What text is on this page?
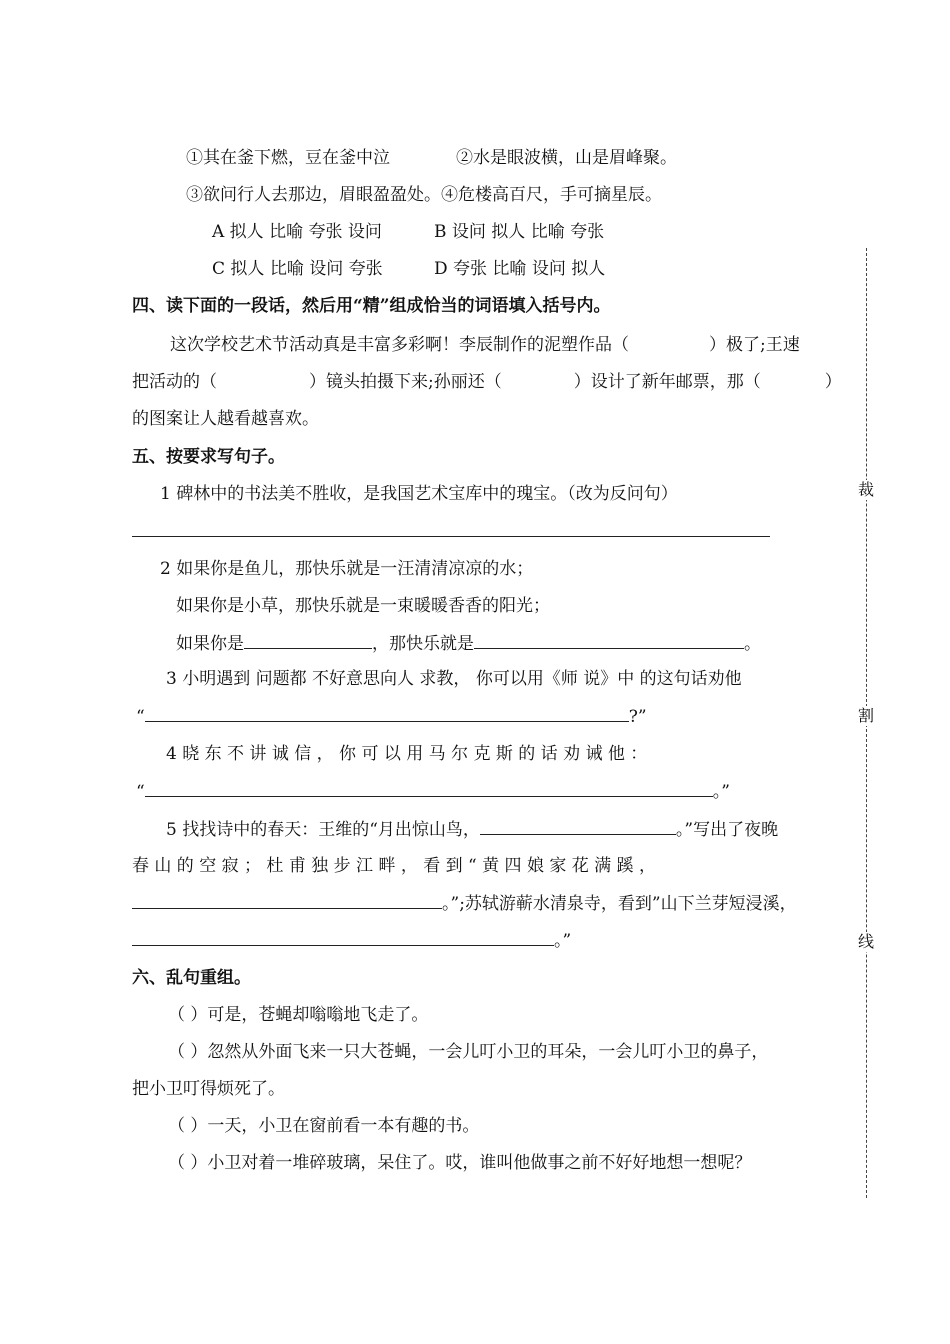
①其在釜下燃，豆在釜中泣	②水是眼波横，山是眉峰聚。
③欲问行人去那边，眉眼盈盈处。④危楼高百尺，手可摘星辰。
A 拟人 比喻 夸张 设问	B 设问 拟人 比喻 夸张
C 拟人 比喻 设问 夸张	D 夸张 比喻 设问 拟人
四、读下面的一段话，然后用“精”组成恰当的词语填入括号内。
这次学校艺术节活动真是丰富多彩啊！李辰制作的泥塑作品（	）极了;王速
把活动的（	）镜头拍摄下来;孙丽还（	）设计了新年邮票，那（	）
的图案让人越看越喜欢。
五、按要求写句子。
1 碑林中的书法美不胜收，是我国艺术宝库中的瑰宝。（改为反问句）
2 如果你是鱼儿，那快乐就是一汪清清凉凉的水；
如果你是小草，那快乐就是一束暖暖香香的阳光；
如果你是	，那快乐就是	。
3 小明遇到 问题都 不好意思向人 求教， 你可以用《师 说》中 的这句话劝他
“	?”
4 晓 东 不 讲 诚 信 ， 你 可 以 用 马 尔 克 斯 的 话 劝 诫 他 ：
“	。”
5 找找诗中的春天：王维的“月出惊山鸟，	。”写出了夜晚
春 山 的 空 寂 ； 杜 甫 独 步 江 畔 ， 看 到 “ 黄 四 娘 家 花 满 蹊 ，
。”;苏轼游蕲水清泉寺，看到”山下兰芽短浸溪，
。”
六、乱句重组。
（ ）可是，苍蝇却嗡嗡地飞走了。
（ ）忽然从外面飞来一只大苍蝇，一会儿叮小卫的耳朵，一会儿叮小卫的鼻子，
把小卫叮得烦死了。
（ ）一天，小卫在窗前看一本有趣的书。
（ ）小卫对着一堆碎玻璃，呆住了。哎，谁叫他做事之前不好好地想一想呢？
裁
割
线
